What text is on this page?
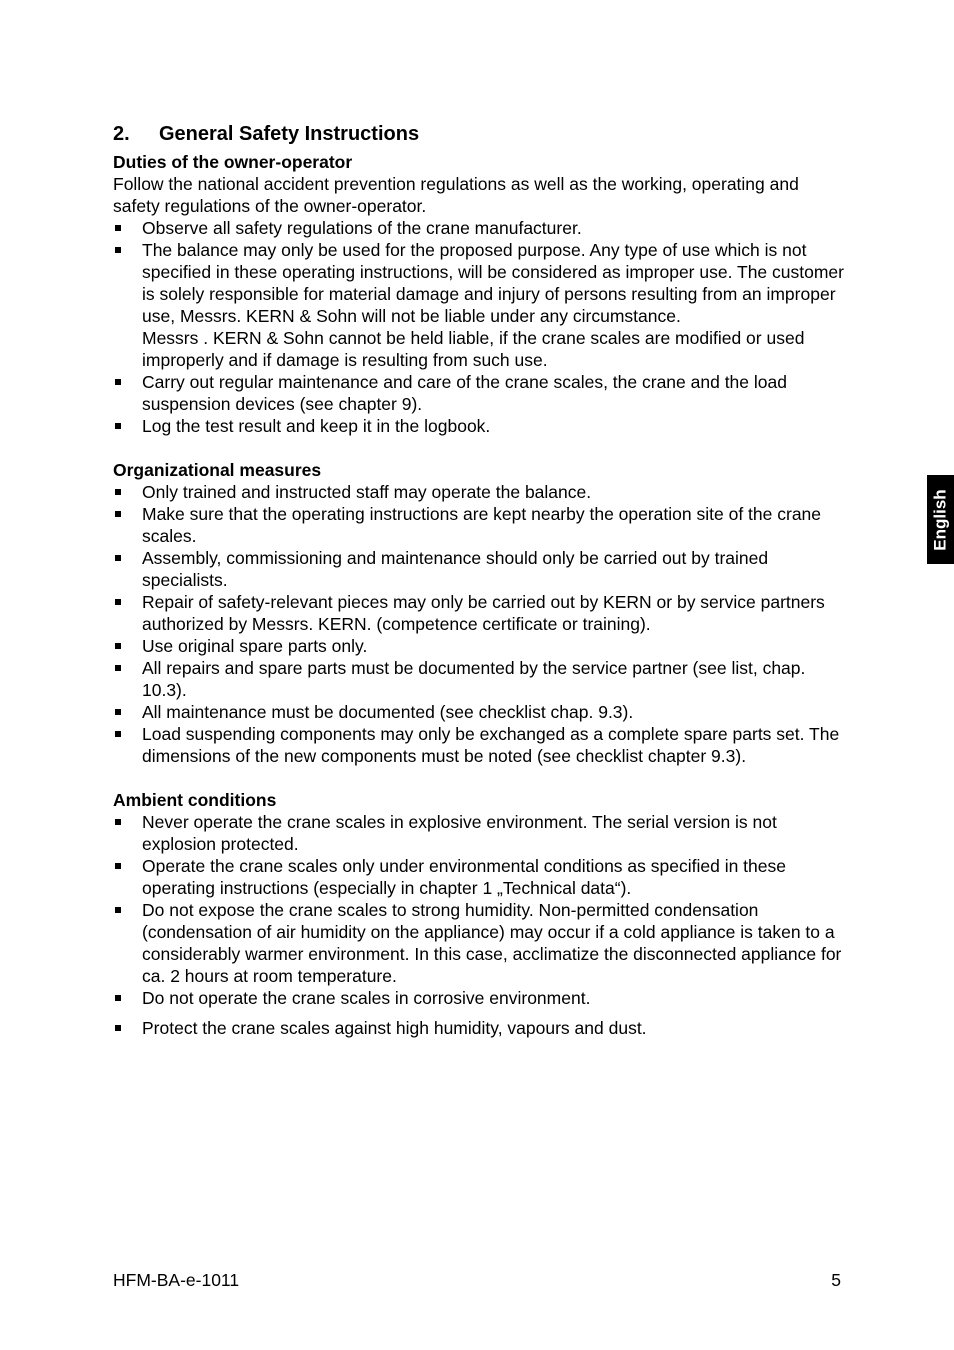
2.	General Safety Instructions

Duties of the owner-operator

Follow the national accident prevention regulations as well as the working, operating and safety regulations of the owner-operator.

Observe all safety regulations of the crane manufacturer.
The balance may only be used for the proposed purpose. Any type of use which is not specified in these operating instructions, will be considered as improper use. The customer is solely responsible for material damage and injury of persons resulting from an improper use, Messrs. KERN & Sohn will not be liable under any circumstance.
Messrs . KERN & Sohn cannot be held liable, if the crane scales are modified or used improperly and if damage is resulting from such use.
Carry out regular maintenance and care of the crane scales, the crane and the load suspension devices (see chapter 9).
Log the test result and keep it in the logbook.

Organizational measures

Only trained and instructed staff may operate the balance.
Make sure that the operating instructions are kept nearby the operation site of the crane scales.
Assembly, commissioning and maintenance should only be carried out by trained specialists.
Repair of safety-relevant pieces may only be carried out by KERN or by service partners authorized by Messrs. KERN. (competence certificate or training).
Use original spare parts only.
All repairs and spare parts must be documented by the service partner (see list, chap. 10.3).
All maintenance must be documented (see checklist chap. 9.3).
Load suspending components may only be exchanged as a complete spare parts set. The dimensions of the new components must be noted (see checklist chapter 9.3).

Ambient conditions

Never operate the crane scales in explosive environment. The serial version is not explosion protected.
Operate the crane scales only under environmental conditions as specified in these operating instructions (especially in chapter 1 „Technical data“).
Do not expose the crane scales to strong humidity. Non-permitted condensation (condensation of air humidity on the appliance) may occur if a cold appliance is taken to a considerably warmer environment. In this case, acclimatize the disconnected appliance for ca. 2 hours at room temperature.
Do not operate the crane scales in corrosive environment.
Protect the crane scales against high humidity, vapours and dust.
English
HFM-BA-e-1011	5
